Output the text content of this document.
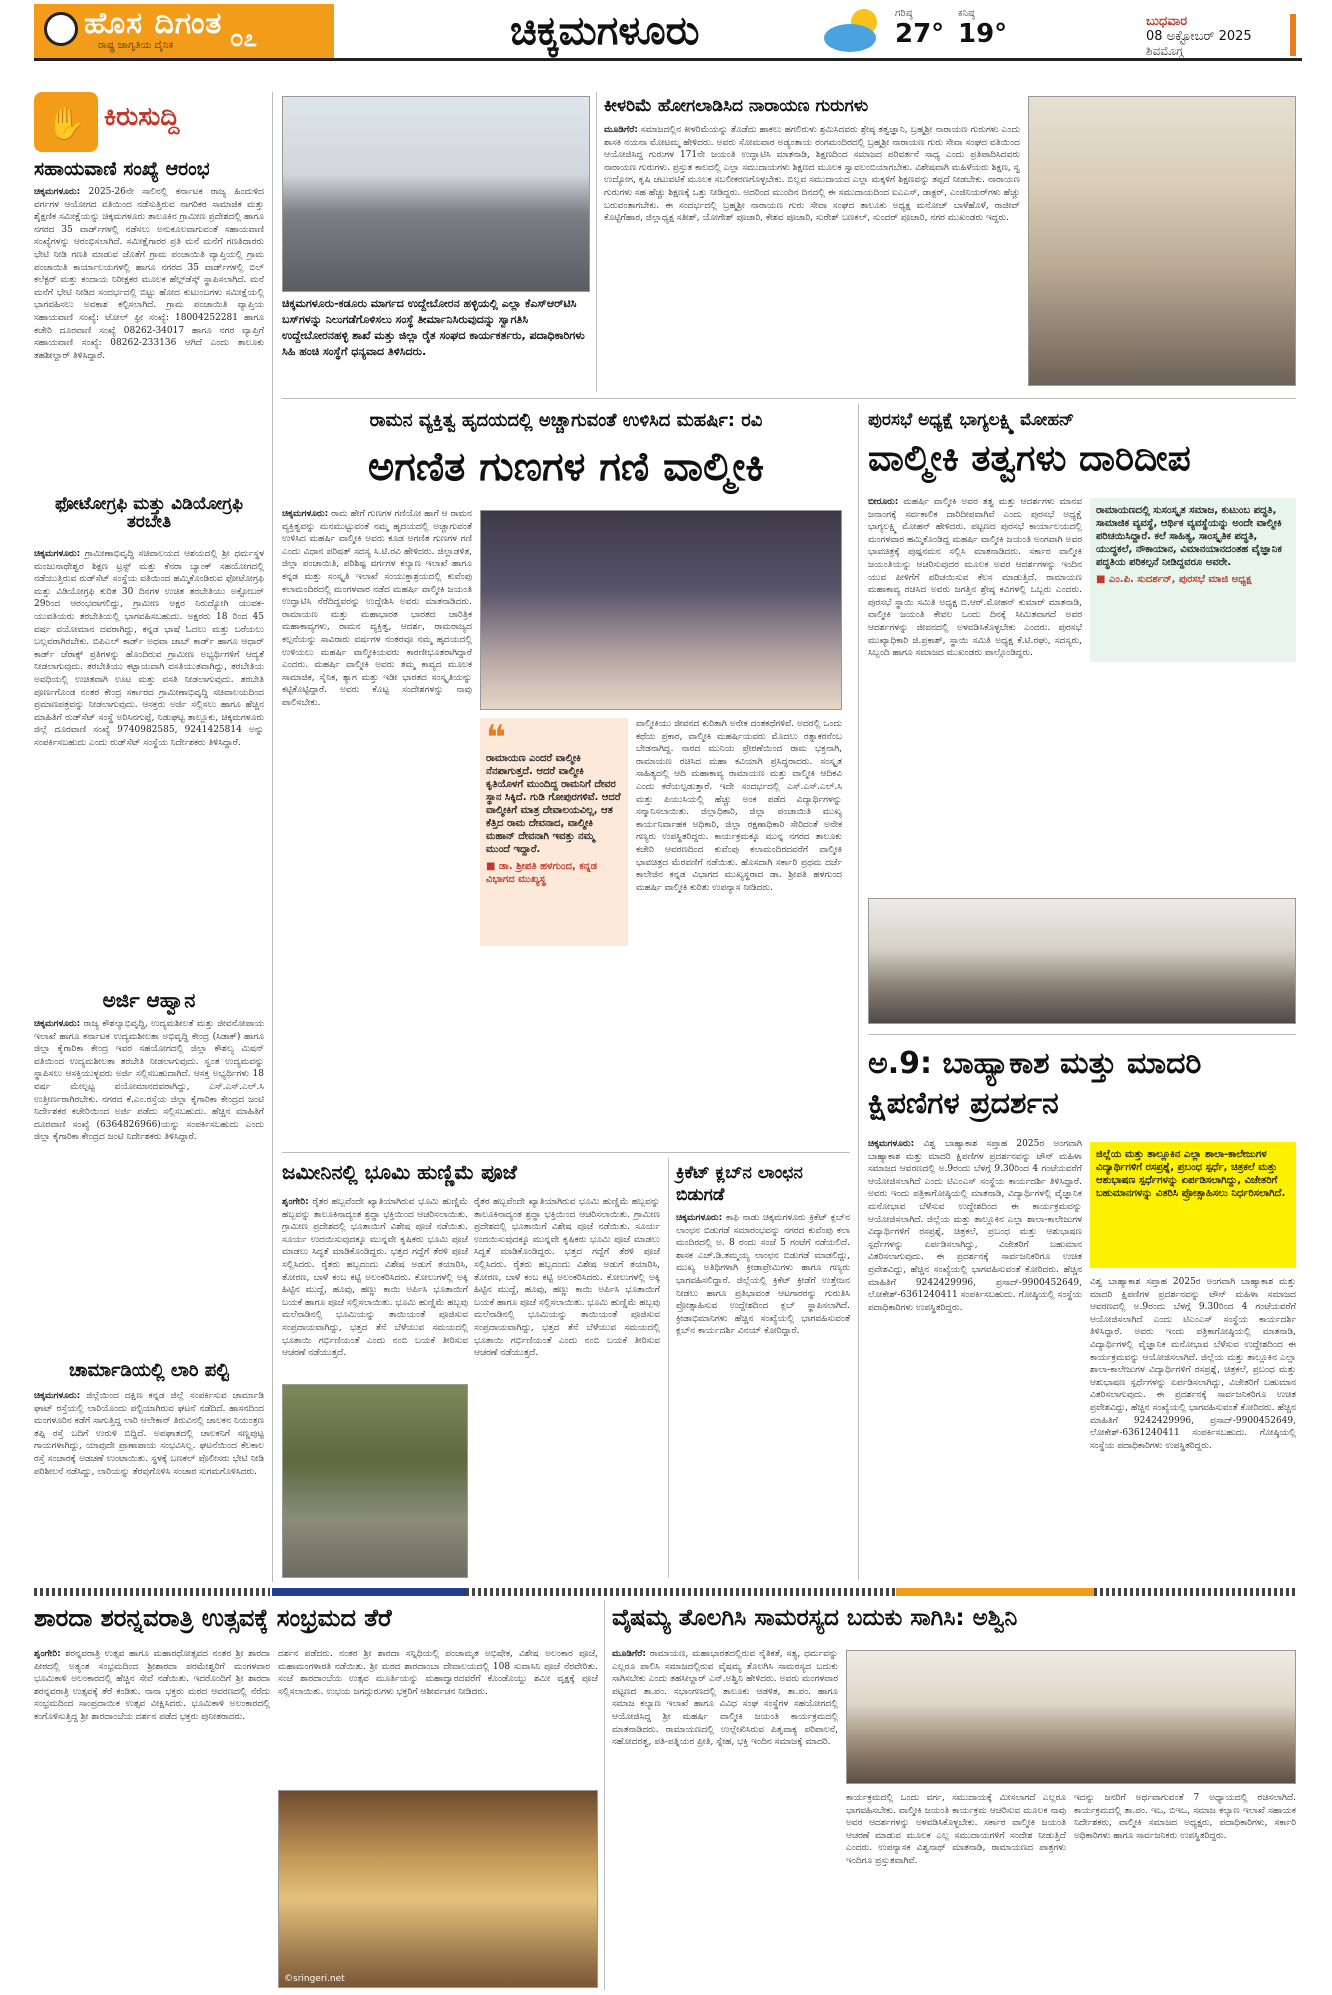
ಹೊಸ ದಿಗಂತ
ರಾಷ್ಟ್ರ ಜಾಗೃತಿಯ ದೈನಿಕ ೦೭	ಚಿಕ್ಕಮಗಳೂರು	ಗರಿಷ್ಠ
27°
ಕನಿಷ್ಠ
19°	ಬುಧವಾರ
08 ಅಕ್ಟೋಬರ್ 2025
ಶಿವಮೊಗ್ಗ
✋ ಕಿರುಸುದ್ದಿ
ಸಹಾಯವಾಣಿ ಸಂಖ್ಯೆ ಆರಂಭ
ಚಿಕ್ಕಮಗಳೂರು: 2025-26ನೇ ಸಾಲಿನಲ್ಲಿ ಕರ್ನಾಟಕ ರಾಜ್ಯ ಹಿಂದುಳಿದ ವರ್ಗಗಳ ಆಯೋಗದ ವತಿಯಿಂದ ನಡೆಸುತ್ತಿರುವ ನಾಗರಿಕರ ಸಾಮಾಜಿಕ ಮತ್ತು ಶೈಕ್ಷಣಿಕ ಸಮೀಕ್ಷೆಯನ್ನು ಚಿಕ್ಕಮಗಳೂರು ತಾಲೂಕಿನ ಗ್ರಾಮೀಣ ಪ್ರದೇಶದಲ್ಲಿ ಹಾಗೂ ನಗರದ 35 ವಾರ್ಡ್‌ಗಳಲ್ಲಿ ನಡೆಸಲು ಅನುಕೂಲವಾಗುವಂತೆ ಸಹಾಯವಾಣಿ ಸಂಖ್ಯೆಗಳನ್ನು ಆರಂಭಿಸಲಾಗಿದೆ. ಸಮೀಕ್ಷೆಗಾರರ ಪ್ರತಿ ಮನೆ ಮನೆಗೆ ಗಣತಿದಾರರು ಭೇಟಿ ನೀಡಿ ಗಣತಿ ಮಾಡುವ ಜೊತೆಗೆ ಗ್ರಾಮ ಪಂಚಾಯಿತಿ ವ್ಯಾಪ್ತಿಯಲ್ಲಿ ಗ್ರಾಮ ಪಂಚಾಯಿತಿ ಕಾರ್ಯಾಲಯಗಳಲ್ಲಿ ಹಾಗೂ ನಗರದ 35 ವಾರ್ಡ್‌ಗಳಲ್ಲಿ ಬಿಲ್ ಕಲೆಕ್ಟರ್ ಮತ್ತು ಕಂದಾಯ ನಿರೀಕ್ಷಕರ ಮೂಲಕ ಹೆಲ್ಪ್‌ಡೆಸ್ಕ್ ಸ್ಥಾಪಿಸಲಾಗಿದೆ. ಮನೆ ಮನೆಗೆ ಭೇಟಿ ನೀಡಿದ ಸಂದರ್ಭದಲ್ಲಿ ಬಿಟ್ಟು ಹೋದ ಕುಟುಂಬಗಳು ಸಮೀಕ್ಷೆಯಲ್ಲಿ ಭಾಗವಹಿಸಲು ಅವಕಾಶ ಕಲ್ಪಿಸಲಾಗಿದೆ. ಗ್ರಾಮ ಪಂಚಾಯಿತಿ ವ್ಯಾಪ್ತಿಯ ಸಹಾಯವಾಣಿ ಸಂಖ್ಯೆ: ಟೋಲ್ ಫ್ರೀ ಸಂಖ್ಯೆ: 18004252281 ಹಾಗೂ ಕಚೇರಿ ದೂರವಾಣಿ ಸಂಖ್ಯೆ 08262-34017 ಹಾಗೂ ನಗರ ವ್ಯಾಪ್ತಿಗೆ ಸಹಾಯವಾಣಿ ಸಂಖ್ಯೆ: 08262-233136 ಆಗಿದೆ ಎಂದು ತಾಲೂಕು ತಹಶೀಲ್ದಾರ್ ತಿಳಿಸಿದ್ದಾರೆ.
ಫೋಟೋಗ್ರಫಿ ಮತ್ತು ವಿಡಿಯೋಗ್ರಫಿ ತರಬೇತಿ
ಚಿಕ್ಕಮಗಳೂರು: ಗ್ರಾಮೀಣಾಭಿವೃದ್ಧಿ ಸಚಿವಾಲಯದ ಆಶಯದಲ್ಲಿ ಶ್ರೀ ಧರ್ಮಸ್ಥಳ ಮಂಜುನಾಥೇಶ್ವರ ಶಿಕ್ಷಣ ಟ್ರಸ್ಟ್ ಮತ್ತು ಕೆನರಾ ಬ್ಯಾಂಕ್ ಸಹಯೋಗದಲ್ಲಿ ನಡೆಯುತ್ತಿರುವ ರುಡ್‌ಸೆಟ್ ಸಂಸ್ಥೆಯ ವತಿಯಿಂದ ಹಮ್ಮಿಕೊಂಡಿರುವ ಫೋಟೋಗ್ರಫಿ ಮತ್ತು ವಿಡಿಯೋಗ್ರಫಿ ಕುರಿತ 30 ದಿನಗಳ ಉಚಿತ ತರಬೇತಿಯು ಅಕ್ಟೋಬರ್ 29ರಿಂದ ಆರಂಭವಾಗಲಿದ್ದು, ಗ್ರಾಮೀಣ ಅಕ್ಷರ ನಿರುದ್ಯೋಗಿ ಯುವಕ-ಯುವತಿಯರು ತರಬೇತಿಯಲ್ಲಿ ಭಾಗವಹಿಸಬಹುದು. ಅಕ್ಷರರು 18 ರಿಂದ 45 ವರ್ಷ ವಯೋಮಾನ ದವರಾಗಿದ್ದು, ಕನ್ನಡ ಭಾಷೆ ಓದಲು ಮತ್ತು ಬರೆಯಲು ಬಲ್ಲವರಾಗಿರಬೇಕು. ಬಿಪಿಎಲ್ ಕಾರ್ಡ್ ಅಥವಾ ಜಾಬ್ ಕಾರ್ಡ್ ಹಾಗೂ ಆಧಾರ್ ಕಾರ್ಡ್ ಜೆರಾಕ್ಸ್ ಪ್ರತಿಗಳನ್ನು ಹೊಂದಿರುವ ಗ್ರಾಮೀಣ ಅಭ್ಯರ್ಥಿಗಳಿಗೆ ಆದ್ಯತೆ ನೀಡಲಾಗುವುದು. ತರಬೇತಿಯು ಕಟ್ಟಾಯವಾಗಿ ವಸತಿಯುತವಾಗಿದ್ದು, ತರಬೇತಿಯ ಅವಧಿಯಲ್ಲಿ ಉಚಿತವಾಗಿ ಊಟ ಮತ್ತು ವಸತಿ ನೀಡಲಾಗುವುದು. ತರಬೇತಿ ಪೂರ್ಣಗೊಂಡ ನಂತರ ಕೇಂದ್ರ ಸರ್ಕಾರದ ಗ್ರಾಮೀಣಾಭಿವೃದ್ಧಿ ಸಚಿವಾಲಯದಿಂದ ಪ್ರಮಾಣಪತ್ರವನ್ನು ನೀಡಲಾಗುವುದು. ಆಸಕ್ತರು ಅರ್ಜಿ ಸಲ್ಲಿಸಲು ಹಾಗೂ ಹೆಚ್ಚಿನ ಮಾಹಿತಿಗೆ ರುಡ್‌ಸೆಟ್ ಸಂಸ್ಥೆ ಅರಿಸಿನಗುಪ್ಪೆ, ನಿಡುಘಟ್ಟ ತಾಲ್ಲೂಕು, ಚಿಕ್ಕಮಗಳೂರು ಜಿಲ್ಲೆ ದೂರವಾಣಿ ಸಂಖ್ಯೆ 9740982585, 9241425814 ಅನ್ನು ಸಂಪರ್ಕಿಸಬಹುದು ಎಂದು ರುಡ್‌ಸೆಟ್ ಸಂಸ್ಥೆಯ ನಿರ್ದೇಶಕರು ತಿಳಿಸಿದ್ದಾರೆ.
ಅರ್ಜಿ ಆಹ್ವಾನ
ಚಿಕ್ಕಮಗಳೂರು: ರಾಜ್ಯ ಕೌಶಲ್ಯಾಭಿವೃದ್ಧಿ, ಉದ್ಯಮಶೀಲತೆ ಮತ್ತು ಜೀವನೋಪಾಯ ಇಲಾಖೆ ಹಾಗೂ ಕರ್ನಾಟಕ ಉದ್ಯಮಶೀಲತಾ ಅಭಿವೃದ್ಧಿ ಕೇಂದ್ರ (ಸಿಡಾಕ್) ಹಾಗೂ ಜಿಲ್ಲಾ ಕೈಗಾರಿಕಾ ಕೇಂದ್ರ ಇವರ ಸಹಯೋಗದಲ್ಲಿ ಜಿಲ್ಲಾ ಕೌಶಲ್ಯ ಮಿಷನ್ ವತಿಯಿಂದ ಉದ್ಯಮಶೀಲತಾ ತರಬೇತಿ ನೀಡಲಾಗುವುದು. ಸ್ವಂತ ಉದ್ಯಮವನ್ನು ಸ್ಥಾಪಿಸಲು ಆಸಕ್ತಿಯುಳ್ಳವರು ಅರ್ಜಿ ಸಲ್ಲಿಸಬಹುದಾಗಿದೆ. ಆಸಕ್ತ ಅಭ್ಯರ್ಥಿಗಳು 18 ವರ್ಷ ಮೇಲ್ಪಟ್ಟ ವಯೋಮಾನದವರಾಗಿದ್ದು, ಎಸ್.ಎಸ್.ಎಲ್.ಸಿ ಉತ್ತೀರ್ಣರಾಗಿರಬೇಕು. ನಗರದ ಕೆ.ಎಂ.ರಸ್ತೆಯ ಜಿಲ್ಲಾ ಕೈಗಾರಿಕಾ ಕೇಂದ್ರದ ಜಂಟಿ ನಿರ್ದೇಶಕರ ಕಚೇರಿಯಿಂದ ಅರ್ಜಿ ಪಡೆದು ಸಲ್ಲಿಸಬಹುದು. ಹೆಚ್ಚಿನ ಮಾಹಿತಿಗೆ ದೂರವಾಣಿ ಸಂಖ್ಯೆ (6364826966)ಯನ್ನು ಸಂಪರ್ಕಿಸಬಹುದು ಎಂದು ಜಿಲ್ಲಾ ಕೈಗಾರಿಕಾ ಕೇಂದ್ರದ ಜಂಟಿ ನಿರ್ದೇಶಕರು ತಿಳಿಸಿದ್ದಾರೆ.
ಚಾರ್ಮಾಡಿಯಲ್ಲಿ ಲಾರಿ ಪಲ್ಟಿ
ಚಿಕ್ಕಮಗಳೂರು: ಜಿಲ್ಲೆಯಿಂದ ದಕ್ಷಿಣ ಕನ್ನಡ ಜಿಲ್ಲೆ ಸಂಪರ್ಕಿಸುವ ಚಾರ್ಮಾಡಿ ಘಾಟ್ ರಸ್ತೆಯಲ್ಲಿ ಲಾರಿಯೊಂದು ಪಲ್ಟಿಯಾಗಿರುವ ಘಟನೆ ನಡೆದಿದೆ. ಹಾಸನದಿಂದ ಮಂಗಳೂರಿನ ಕಡೆಗೆ ಸಾಗುತ್ತಿದ್ದ ಲಾರಿ ಆಲೇಕಾನ್ ತಿರುವಿನಲ್ಲಿ ಚಾಲಕನ ನಿಯಂತ್ರಣ ತಪ್ಪಿ ರಸ್ತೆ ಬದಿಗೆ ಉರುಳಿ ಬಿದ್ದಿದೆ. ಅಪಘಾತದಲ್ಲಿ ಚಾಲಕನಿಗೆ ಸಣ್ಣಪುಟ್ಟ ಗಾಯಗಳಾಗಿದ್ದು, ಯಾವುದೇ ಪ್ರಾಣಾಪಾಯ ಸಂಭವಿಸಿಲ್ಲ. ಘಟನೆಯಿಂದ ಕೆಲಕಾಲ ರಸ್ತೆ ಸಂಚಾರಕ್ಕೆ ಅಡಚಣೆ ಉಂಟಾಯಿತು. ಸ್ಥಳಕ್ಕೆ ಬಣಕಲ್ ಪೊಲೀಸರು ಭೇಟಿ ನೀಡಿ ಪರಿಶೀಲನೆ ನಡೆಸಿದ್ದು, ಲಾರಿಯನ್ನು ತೆರವುಗೊಳಿಸಿ ಸಂಚಾರ ಸುಗಮಗೊಳಿಸಿದರು.
ಚಿಕ್ಕಮಗಳೂರು-ಕಡೂರು ಮಾರ್ಗದ ಉದ್ದೇಬೋರನ ಹಳ್ಳಿಯಲ್ಲಿ ಎಲ್ಲಾ ಕೆಎಸ್ಆರ್‌ಟಿಸಿ ಬಸ್‌ಗಳನ್ನು ನಿಲುಗಡೆಗೊಳಿಸಲು ಸಂಸ್ಥೆ ತೀರ್ಮಾನಿಸಿರುವುದನ್ನು ಸ್ವಾಗತಿಸಿ ಉದ್ದೇಬೋರನಹಳ್ಳಿ ಶಾಖೆ ಮತ್ತು ಜಿಲ್ಲಾ ರೈತ ಸಂಘದ ಕಾರ್ಯಕರ್ತರು, ಪದಾಧಿಕಾರಿಗಳು ಸಿಹಿ ಹಂಚಿ ಸಂಸ್ಥೆಗೆ ಧನ್ಯವಾದ ತಿಳಿಸಿದರು.
ಕೀಳರಿಮೆ ಹೋಗಲಾಡಿಸಿದ ನಾರಾಯಣ ಗುರುಗಳು
ಮೂಡಿಗೆರೆ: ಸಮಾಜದಲ್ಲಿನ ಕೀಳರಿಮೆಯನ್ನು ತೊಡೆದು ಹಾಕಲು ಹಗಲಿರುಳು ಶ್ರಮಿಸಿದವರು ಶ್ರೇಷ್ಠ ತತ್ವಜ್ಞಾನಿ, ಬ್ರಹ್ಮಶ್ರೀ ನಾರಾಯಣ ಗುರುಗಳು ಎಂದು ಶಾಸಕಿ ನಯನಾ ಮೋಟಮ್ಮ ಹೇಳಿದರು. ಅವರು ಸೋಮವಾರ ಅಡ್ಯಂತಾಯ ರಂಗಮಂದಿರದಲ್ಲಿ ಬ್ರಹ್ಮಶ್ರೀ ನಾರಾಯಣ ಗುರು ಸೇವಾ ಸಂಘದ ವತಿಯಿಂದ ಆಯೋಜಿಸಿದ್ದ ಗುರುಗಳ 171ನೇ ಜಯಂತಿ ಉದ್ಘಾಟಿಸಿ ಮಾತನಾಡಿ, ಶಿಕ್ಷಣದಿಂದ ಸಮಾಜದ ಪರಿವರ್ತನೆ ಸಾಧ್ಯ ಎಂದು ಪ್ರತಿಪಾದಿಸಿದವರು ನಾರಾಯಣ ಗುರುಗಳು. ಪ್ರಸ್ತುತ ಕಾಲದಲ್ಲಿ ಎಲ್ಲಾ ಸಮುದಾಯಗಳು ಶಿಕ್ಷಣದ ಮೂಲಕ ಸ್ವಾವಲಂಬಿಯಾಗಬೇಕು. ವಿಶೇಷವಾಗಿ ಮಹಿಳೆಯರು ಶಿಕ್ಷಣ, ಸ್ವ ಉದ್ಯೋಗ, ಕೃಷಿ ಚಟುವಟಿಕೆ ಮೂಲಕ ಸಬಲೀಕರಣಗೊಳ್ಳಬೇಕು. ಬಿಲ್ಲವ ಸಮುದಾಯದ ಎಲ್ಲಾ ಮಕ್ಕಳಿಗೆ ಶಿಕ್ಷಣವನ್ನು ತಪ್ಪದೆ ನೀಡಬೇಕು. ನಾರಾಯಣ ಗುರುಗಳು ಸಹ ಹೆಚ್ಚು ಶಿಕ್ಷಣಕ್ಕೆ ಒತ್ತು ನೀಡಿದ್ದರು. ಅದರಿಂದ ಮುಂದಿನ ದಿನದಲ್ಲಿ ಈ ಸಮುದಾಯದಿಂದ ಐಎಎಸ್, ಡಾಕ್ಟರ್, ಎಂಜಿನಿಯರ್‌ಗಳು ಹೆಚ್ಚು ಬರುವಂತಾಗಬೇಕು. ಈ ಸಂದರ್ಭದಲ್ಲಿ ಬ್ರಹ್ಮಶ್ರೀ ನಾರಾಯಣ ಗುರು ಸೇವಾ ಸಂಘದ ತಾಲೂಕು ಅಧ್ಯಕ್ಷ ಮನೋಜ್ ಬಾಳೆಹೊಳೆ, ರಾಜೀವ್ ಕೊಟ್ಟಿಗೆಹಾರ, ಜಿಲ್ಲಾಧ್ಯಕ್ಷ ಸತೀಶ್, ಯೋಗೇಶ್ ಪೂಜಾರಿ, ಕೇಶವ ಪೂಜಾರಿ, ಸುರೇಶ್ ಬಣಕಲ್, ಸುಂದರ್ ಪೂಜಾರಿ, ನಗರ ಮುಖಂಡರು ಇದ್ದರು.
ರಾಮನ ವ್ಯಕ್ತಿತ್ವ ಹೃದಯದಲ್ಲಿ ಅಚ್ಚಾಗುವಂತೆ ಉಳಿಸಿದ ಮಹರ್ಷಿ: ರವಿ
ಅಗಣಿತ ಗುಣಗಳ ಗಣಿ ವಾಲ್ಮೀಕಿ
ಚಿಕ್ಕಮಗಳೂರು: ರಾಮ ಹೇಗೆ ಗುಣಗಳ ಗಣಿಯೋ ಹಾಗೆ ಆ ರಾಮನ ವ್ಯಕ್ತಿತ್ವವನ್ನು ಮನಮುಟ್ಟುವಂತೆ ನಮ್ಮ ಹೃದಯದಲ್ಲಿ ಅಚ್ಚಾಗುವಂತೆ ಉಳಿಸಿದ ಮಹರ್ಷಿ ವಾಲ್ಮೀಕಿ ಅವರು ಕೂಡ ಅಗಣಿತ ಗುಣಗಳ ಗಣಿ ಎಂದು ವಿಧಾನ ಪರಿಷತ್ ಸದಸ್ಯ ಸಿ.ಟಿ.ರವಿ ಹೇಳಿದರು. ಜಿಲ್ಲಾಡಳಿತ, ಜಿಲ್ಲಾ ಪಂಚಾಯಿತಿ, ಪರಿಶಿಷ್ಟ ವರ್ಗಗಳ ಕಲ್ಯಾಣ ಇಲಾಖೆ ಹಾಗೂ ಕನ್ನಡ ಮತ್ತು ಸಂಸ್ಕೃತಿ ಇಲಾಖೆ ಸಂಯುಕ್ತಾಶ್ರಯದಲ್ಲಿ ಕುವೆಂಪು ಕಲಾಮಂದಿರದಲ್ಲಿ ಮಂಗಳವಾರ ನಡೆದ ಮಹರ್ಷಿ ವಾಲ್ಮೀಕಿ ಜಯಂತಿ ಉದ್ಘಾಟಿಸಿ ನೆರೆದಿದ್ದವರನ್ನು ಉದ್ದೇಶಿಸಿ ಅವರು ಮಾತನಾಡಿದರು. ರಾಮಾಯಣ ಮತ್ತು ಮಹಾಭಾರತ ಭಾರತದ ಚಾರಿತ್ರಿಕ ಮಹಾಕಾವ್ಯಗಳು, ರಾಮನ ವ್ಯಕ್ತಿತ್ವ, ಆದರ್ಶ, ರಾಮರಾಜ್ಯದ ಕಲ್ಪನೆಯನ್ನು ಸಾವಿರಾರು ವರ್ಷಗಳ ನಂತರವೂ ನಮ್ಮ ಹೃದಯದಲ್ಲಿ ಉಳಿಯಲು ಮಹರ್ಷಿ ವಾಲ್ಮೀಕಿಯವರು ಕಾರಣೀಭೂತರಾಗಿದ್ದಾರೆ ಎಂದರು. ಮಹರ್ಷಿ ವಾಲ್ಮೀಕಿ ಅವರು ತಮ್ಮ ಕಾವ್ಯದ ಮೂಲಕ ಸಾಮಾಜಿಕ, ಸೈನಿಕ, ತ್ಯಾಗ ಮತ್ತು ಇಡೀ ಭಾರತದ ಸಂಸ್ಕೃತಿಯನ್ನು ಕಟ್ಟಿಕೊಟ್ಟಿದ್ದಾರೆ. ಅವರು ಕೊಟ್ಟ ಸಂದೇಶಗಳನ್ನು ನಾವು ಪಾಲಿಸಬೇಕು.
❝
ರಾಮಾಯಣ ಎಂದರೆ ವಾಲ್ಮೀಕಿ ನೆನಪಾಗುತ್ತದೆ. ಆದರೆ ವಾಲ್ಮೀಕಿ ಕೃತಿಯೊಳಗೆ ಮುಂದಿದ್ದ ರಾಮನಿಗೆ ದೇವರ ಸ್ಥಾನ ಸಿಕ್ಕಿದೆ. ಗುಡಿ ಗೋಪುರಗಳಿವೆ. ಆದರೆ ವಾಲ್ಮೀಕಿಗೆ ಮಾತ್ರ ದೇವಾಲಯವಿಲ್ಲ, ಆತ ಕೆತ್ತಿದ ರಾಮ ದೇವನಾದ, ವಾಲ್ಮೀಕಿ ಮಹಾನ್ ದೇವನಾಗಿ ಇವತ್ತು ನಮ್ಮ ಮುಂದೆ ಇದ್ದಾರೆ.
■ ಡಾ. ಶ್ರೀಪತಿ ಹಳಗುಂದ, ಕನ್ನಡ ವಿಭಾಗದ ಮುಖ್ಯಸ್ಥ
ವಾಲ್ಮೀಕಿಯು ಜೀವನದ ಕುರಿತಾಗಿ ಅನೇಕ ದಂತಕಥೆಗಳಿವೆ. ಅದರಲ್ಲಿ ಒಂದು ಕಥೆಯ ಪ್ರಕಾರ, ವಾಲ್ಮೀಕಿ ಮಹರ್ಷಿಯವರು ಮೊದಲು ರತ್ನಾಕರನೆಂಬ ಬೇಡನಾಗಿದ್ದ. ನಾರದ ಮುನಿಯ ಪ್ರೇರಣೆಯಿಂದ ರಾಮ ಭಕ್ತನಾಗಿ, ರಾಮಾಯಣ ರಚಿಸಿದ ಮಹಾ ಕವಿಯಾಗಿ ಪ್ರಸಿದ್ಧರಾದರು. ಸಂಸ್ಕೃತ ಸಾಹಿತ್ಯದಲ್ಲಿ ಆದಿ ಮಹಾಕಾವ್ಯ ರಾಮಾಯಣ ಮತ್ತು ವಾಲ್ಮೀಕಿ ಆದಿಕವಿ ಎಂದು ಕರೆಯಲ್ಪಡುತ್ತಾರೆ. ಇದೇ ಸಂದರ್ಭದಲ್ಲಿ ಎಸ್.ಎಸ್.ಎಲ್.ಸಿ ಮತ್ತು ಪಿಯುಸಿಯಲ್ಲಿ ಹೆಚ್ಚು ಅಂಕ ಪಡೆದ ವಿದ್ಯಾರ್ಥಿಗಳನ್ನು ಸನ್ಮಾನಿಸಲಾಯಿತು. ಜಿಲ್ಲಾಧಿಕಾರಿ, ಜಿಲ್ಲಾ ಪಂಚಾಯಿತಿ ಮುಖ್ಯ ಕಾರ್ಯನಿರ್ವಾಹಕ ಅಧಿಕಾರಿ, ಜಿಲ್ಲಾ ರಕ್ಷಣಾಧಿಕಾರಿ ಸೇರಿದಂತೆ ಅನೇಕ ಗಣ್ಯರು ಉಪಸ್ಥಿತರಿದ್ದರು. ಕಾರ್ಯಕ್ರಮಕ್ಕೂ ಮುನ್ನ ನಗರದ ತಾಲೂಕು ಕಚೇರಿ ಆವರಣದಿಂದ ಕುವೆಂಪು ಕಲಾಮಂದಿರದವರೆಗೆ ವಾಲ್ಮೀಕಿ ಭಾವಚಿತ್ರದ ಮೆರವಣಿಗೆ ನಡೆಯಿತು. ಹೊಸದಾಗಿ ಸರ್ಕಾರಿ ಪ್ರಥಮ ದರ್ಜೆ ಕಾಲೇಜಿನ ಕನ್ನಡ ವಿಭಾಗದ ಮುಖ್ಯಸ್ಥರಾದ ಡಾ. ಶ್ರೀಪತಿ ಹಳಗುಂದ ಮಹರ್ಷಿ ವಾಲ್ಮೀಕಿ ಕುರಿತು ಉಪನ್ಯಾಸ ನೀಡಿದರು.
ಪುರಸಭೆ ಅಧ್ಯಕ್ಷೆ ಭಾಗ್ಯಲಕ್ಷ್ಮಿ ಮೋಹನ್
ವಾಲ್ಮೀಕಿ ತತ್ವಗಳು ದಾರಿದೀಪ
ಬೀರೂರು: ಮಹರ್ಷಿ ವಾಲ್ಮೀಕಿ ಅವರ ತತ್ವ ಮತ್ತು ಆದರ್ಶಗಳು ಮಾನವ ಜನಾಂಗಕ್ಕೆ ಸರ್ವಕಾಲಿಕ ದಾರಿದೀಪವಾಗಿವೆ ಎಂದು ಪುರಸಭೆ ಅಧ್ಯಕ್ಷೆ ಭಾಗ್ಯಲಕ್ಷ್ಮಿ ಮೋಹನ್ ಹೇಳಿದರು. ಪಟ್ಟಣದ ಪುರಸಭೆ ಕಾರ್ಯಾಲಯದಲ್ಲಿ ಮಂಗಳವಾರ ಹಮ್ಮಿಕೊಂಡಿದ್ದ ಮಹರ್ಷಿ ವಾಲ್ಮೀಕಿ ಜಯಂತಿ ಅಂಗವಾಗಿ ಅವರ ಭಾವಚಿತ್ರಕ್ಕೆ ಪುಷ್ಪನಮನ ಸಲ್ಲಿಸಿ ಮಾತನಾಡಿದರು. ಸರ್ಕಾರ ವಾಲ್ಮೀಕಿ ಜಯಂತಿಯನ್ನು ಆಚರಿಸುವುದರ ಮೂಲಕ ಅವರ ಆದರ್ಶಗಳನ್ನು ಇಂದಿನ ಯುವ ಪೀಳಿಗೆಗೆ ಪರಿಚಯಿಸುವ ಕೆಲಸ ಮಾಡುತ್ತಿದೆ. ರಾಮಾಯಣ ಮಹಾಕಾವ್ಯ ರಚಿಸಿದ ಅವರು ಜಗತ್ತಿನ ಶ್ರೇಷ್ಠ ಕವಿಗಳಲ್ಲಿ ಒಬ್ಬರು ಎಂದರು. ಪುರಸಭೆ ಸ್ಥಾಯಿ ಸಮಿತಿ ಅಧ್ಯಕ್ಷ ಬಿ.ಆರ್.ಮೋಹನ್ ಕುಮಾರ್ ಮಾತನಾಡಿ, ವಾಲ್ಮೀಕಿ ಜಯಂತಿ ಕೇವಲ ಒಂದು ದಿನಕ್ಕೆ ಸೀಮಿತವಾಗದೆ ಅವರ ಆದರ್ಶಗಳನ್ನು ಜೀವನದಲ್ಲಿ ಅಳವಡಿಸಿಕೊಳ್ಳಬೇಕು ಎಂದರು. ಪುರಸಭೆ ಮುಖ್ಯಾಧಿಕಾರಿ ಜಿ.ಪ್ರಕಾಶ್, ಸ್ಥಾಯಿ ಸಮಿತಿ ಅಧ್ಯಕ್ಷ ಕೆ.ಟಿ.ರಘು, ಸದಸ್ಯರು, ಸಿಬ್ಬಂದಿ ಹಾಗೂ ಸಮಾಜದ ಮುಖಂಡರು ಪಾಲ್ಗೊಂಡಿದ್ದರು.
ರಾಮಾಯಣದಲ್ಲಿ ಸುಸಂಸ್ಕೃತ ಸಮಾಜ, ಕುಟುಂಬ ಪದ್ಧತಿ, ಸಾಮಾಜಿಕ ವ್ಯವಸ್ಥೆ, ಆರ್ಥಿಕ ವ್ಯವಸ್ಥೆಯನ್ನು ಅಂದೇ ವಾಲ್ಮೀಕಿ ಪರಿಚಯಿಸಿದ್ದಾರೆ. ಕಲೆ ಸಾಹಿತ್ಯ, ಸಾಂಸ್ಕೃತಿಕ ಪದ್ಧತಿ, ಯುದ್ಧಕಲೆ, ನೌಕಾಯಾನ, ವಿಮಾನಯಾನದಂತಹ ವೈಜ್ಞಾನಿಕ ಪದ್ಧತಿಯ ಪರಿಕಲ್ಪನೆ ನೀಡಿದ್ದವರೂ ಅವರೇ.
■ ಎಂ.ಪಿ. ಸುದರ್ಶನ್, ಪುರಸಭೆ ಮಾಜಿ ಅಧ್ಯಕ್ಷ
ಅ.9: ಬಾಹ್ಯಾಕಾಶ ಮತ್ತು ಮಾದರಿ ಕ್ಷಿಪಣಿಗಳ ಪ್ರದರ್ಶನ
ಚಿಕ್ಕಮಗಳೂರು: ವಿಶ್ವ ಬಾಹ್ಯಾಕಾಶ ಸಪ್ತಾಹ 2025ರ ಅಂಗವಾಗಿ ಬಾಹ್ಯಾಕಾಶ ಮತ್ತು ಮಾದರಿ ಕ್ಷಿಪಣಿಗಳ ಪ್ರದರ್ಶನವನ್ನು ಟೌನ್ ಮಹಿಳಾ ಸಮಾಜದ ಆವರಣದಲ್ಲಿ ಅ.9ರಂದು ಬೆಳಗ್ಗೆ 9.30ರಿಂದ 4 ಗಂಟೆಯವರೆಗೆ ಆಯೋಜಿಸಲಾಗಿದೆ ಎಂದು ಟಿಎಂಎಸ್ ಸಂಸ್ಥೆಯ ಕಾರ್ಯದರ್ಶಿ ತಿಳಿಸಿದ್ದಾರೆ. ಅವರು ಇಂದು ಪತ್ರಿಕಾಗೋಷ್ಠಿಯಲ್ಲಿ ಮಾತನಾಡಿ, ವಿದ್ಯಾರ್ಥಿಗಳಲ್ಲಿ ವೈಜ್ಞಾನಿಕ ಮನೋಭಾವ ಬೆಳೆಸುವ ಉದ್ದೇಶದಿಂದ ಈ ಕಾರ್ಯಕ್ರಮವನ್ನು ಆಯೋಜಿಸಲಾಗಿದೆ. ಜಿಲ್ಲೆಯ ಮತ್ತು ತಾಲ್ಲೂಕಿನ ಎಲ್ಲಾ ಶಾಲಾ-ಕಾಲೇಜುಗಳ ವಿದ್ಯಾರ್ಥಿಗಳಿಗೆ ರಸಪ್ರಶ್ನೆ, ಚಿತ್ರಕಲೆ, ಪ್ರಬಂಧ ಮತ್ತು ಆಶುಭಾಷಣ ಸ್ಪರ್ಧೆಗಳನ್ನು ಏರ್ಪಡಿಸಲಾಗಿದ್ದು, ವಿಜೇತರಿಗೆ ಬಹುಮಾನ ವಿತರಿಸಲಾಗುವುದು. ಈ ಪ್ರದರ್ಶನಕ್ಕೆ ಸಾರ್ವಜನಿಕರಿಗೂ ಉಚಿತ ಪ್ರವೇಶವಿದ್ದು, ಹೆಚ್ಚಿನ ಸಂಖ್ಯೆಯಲ್ಲಿ ಭಾಗವಹಿಸುವಂತೆ ಕೋರಿದರು. ಹೆಚ್ಚಿನ ಮಾಹಿತಿಗೆ 9242429996, ಪ್ರಸಾದ್-9900452649, ಲೋಕೇಶ್-6361240411 ಸಂಪರ್ಕಿಸಬಹುದು. ಗೋಷ್ಠಿಯಲ್ಲಿ ಸಂಸ್ಥೆಯ ಪದಾಧಿಕಾರಿಗಳು ಉಪಸ್ಥಿತರಿದ್ದರು.
ಜಿಲ್ಲೆಯ ಮತ್ತು ತಾಲ್ಲೂಕಿನ ಎಲ್ಲಾ ಶಾಲಾ-ಕಾಲೇಜುಗಳ ವಿದ್ಯಾರ್ಥಿಗಳಿಗೆ ರಸಪ್ರಶ್ನೆ, ಪ್ರಬಂಧ ಸ್ಪರ್ಧೆ, ಚಿತ್ರಕಲೆ ಮತ್ತು ಆಶುಭಾಷಣ ಸ್ಪರ್ಧೆಗಳನ್ನು ಏರ್ಪಡಿಸಲಾಗಿದ್ದು, ವಿಜೇತರಿಗೆ ಬಹುಮಾನಗಳನ್ನು ವಿತರಿಸಿ ಪ್ರೋತ್ಸಾಹಿಸಲು ನಿರ್ಧರಿಸಲಾಗಿದೆ.
ವಿಶ್ವ ಬಾಹ್ಯಾಕಾಶ ಸಪ್ತಾಹ 2025ರ ಅಂಗವಾಗಿ ಬಾಹ್ಯಾಕಾಶ ಮತ್ತು ಮಾದರಿ ಕ್ಷಿಪಣಿಗಳ ಪ್ರದರ್ಶನವನ್ನು ಟೌನ್ ಮಹಿಳಾ ಸಮಾಜದ ಆವರಣದಲ್ಲಿ ಅ.9ರಂದು ಬೆಳಗ್ಗೆ 9.30ರಿಂದ 4 ಗಂಟೆಯವರೆಗೆ ಆಯೋಜಿಸಲಾಗಿದೆ ಎಂದು ಟಿಎಂಎಸ್ ಸಂಸ್ಥೆಯ ಕಾರ್ಯದರ್ಶಿ ತಿಳಿಸಿದ್ದಾರೆ. ಅವರು ಇಂದು ಪತ್ರಿಕಾಗೋಷ್ಠಿಯಲ್ಲಿ ಮಾತನಾಡಿ, ವಿದ್ಯಾರ್ಥಿಗಳಲ್ಲಿ ವೈಜ್ಞಾನಿಕ ಮನೋಭಾವ ಬೆಳೆಸುವ ಉದ್ದೇಶದಿಂದ ಈ ಕಾರ್ಯಕ್ರಮವನ್ನು ಆಯೋಜಿಸಲಾಗಿದೆ. ಜಿಲ್ಲೆಯ ಮತ್ತು ತಾಲ್ಲೂಕಿನ ಎಲ್ಲಾ ಶಾಲಾ-ಕಾಲೇಜುಗಳ ವಿದ್ಯಾರ್ಥಿಗಳಿಗೆ ರಸಪ್ರಶ್ನೆ, ಚಿತ್ರಕಲೆ, ಪ್ರಬಂಧ ಮತ್ತು ಆಶುಭಾಷಣ ಸ್ಪರ್ಧೆಗಳನ್ನು ಏರ್ಪಡಿಸಲಾಗಿದ್ದು, ವಿಜೇತರಿಗೆ ಬಹುಮಾನ ವಿತರಿಸಲಾಗುವುದು. ಈ ಪ್ರದರ್ಶನಕ್ಕೆ ಸಾರ್ವಜನಿಕರಿಗೂ ಉಚಿತ ಪ್ರವೇಶವಿದ್ದು, ಹೆಚ್ಚಿನ ಸಂಖ್ಯೆಯಲ್ಲಿ ಭಾಗವಹಿಸುವಂತೆ ಕೋರಿದರು. ಹೆಚ್ಚಿನ ಮಾಹಿತಿಗೆ 9242429996, ಪ್ರಸಾದ್-9900452649, ಲೋಕೇಶ್-6361240411 ಸಂಪರ್ಕಿಸಬಹುದು. ಗೋಷ್ಠಿಯಲ್ಲಿ ಸಂಸ್ಥೆಯ ಪದಾಧಿಕಾರಿಗಳು ಉಪಸ್ಥಿತರಿದ್ದರು.
ಜಮೀನಿನಲ್ಲಿ ಭೂಮಿ ಹುಣ್ಣಿಮೆ ಪೂಜೆ
ಶೃಂಗೇರಿ: ರೈತರ ಹಬ್ಬವೆಂದೇ ಖ್ಯಾತಿಯಾಗಿರುವ ಭೂಮಿ ಹುಣ್ಣಿಮೆ ಹಬ್ಬವನ್ನು ತಾಲೂಕಿನಾದ್ಯಂತ ಶ್ರದ್ಧಾ ಭಕ್ತಿಯಿಂದ ಆಚರಿಸಲಾಯಿತು. ಗ್ರಾಮೀಣ ಪ್ರದೇಶದಲ್ಲಿ ಭೂತಾಯಿಗೆ ವಿಶೇಷ ಪೂಜೆ ನಡೆಯಿತು. ಸೂರ್ಯ ಉದಯಿಸುವುದಕ್ಕೂ ಮುನ್ನವೇ ಕೃಷಿಕರು ಭೂಮಿ ಪೂಜೆ ಮಾಡಲು ಸಿದ್ಧತೆ ಮಾಡಿಕೊಂಡಿದ್ದರು. ಭತ್ತದ ಗದ್ದೆಗೆ ತೆರಳಿ ಪೂಜೆ ಸಲ್ಲಿಸಿದರು. ರೈತರು ಹಬ್ಬದಂದು ವಿಶೇಷ ಅಡುಗೆ ತಯಾರಿಸಿ, ತೋರಣ, ಬಾಳೆ ಕಂಬ ಕಟ್ಟಿ ಅಲಂಕರಿಸಿದರು. ಕೋಲುಗಳಲ್ಲಿ ಅಕ್ಕಿ ಹಿಟ್ಟಿನ ಮುದ್ದೆ, ಹೂವು, ಹಣ್ಣು ಕಾಯಿ ಅರ್ಪಿಸಿ ಭೂತಾಯಿಗೆ ಬಯಕೆ ಹಾಗೂ ಪೂಜೆ ಸಲ್ಲಿಸಲಾಯಿತು. ಭೂಮಿ ಹುಣ್ಣಿಮೆ ಹಬ್ಬವು ಮಲೆನಾಡಿನಲ್ಲಿ ಭೂಮಿಯನ್ನು ತಾಯಿಯಂತೆ ಪೂಜಿಸುವ ಸಂಪ್ರದಾಯವಾಗಿದ್ದು, ಭತ್ತದ ತೆನೆ ಬೆಳೆಯುವ ಸಮಯದಲ್ಲಿ ಭೂತಾಯಿ ಗರ್ಭಿಣಿಯಂತೆ ಎಂದು ನಂಬಿ ಬಯಕೆ ತೀರಿಸುವ ಆಚರಣೆ ನಡೆಯುತ್ತದೆ.
ರೈತರ ಹಬ್ಬವೆಂದೇ ಖ್ಯಾತಿಯಾಗಿರುವ ಭೂಮಿ ಹುಣ್ಣಿಮೆ ಹಬ್ಬವನ್ನು ತಾಲೂಕಿನಾದ್ಯಂತ ಶ್ರದ್ಧಾ ಭಕ್ತಿಯಿಂದ ಆಚರಿಸಲಾಯಿತು. ಗ್ರಾಮೀಣ ಪ್ರದೇಶದಲ್ಲಿ ಭೂತಾಯಿಗೆ ವಿಶೇಷ ಪೂಜೆ ನಡೆಯಿತು. ಸೂರ್ಯ ಉದಯಿಸುವುದಕ್ಕೂ ಮುನ್ನವೇ ಕೃಷಿಕರು ಭೂಮಿ ಪೂಜೆ ಮಾಡಲು ಸಿದ್ಧತೆ ಮಾಡಿಕೊಂಡಿದ್ದರು. ಭತ್ತದ ಗದ್ದೆಗೆ ತೆರಳಿ ಪೂಜೆ ಸಲ್ಲಿಸಿದರು. ರೈತರು ಹಬ್ಬದಂದು ವಿಶೇಷ ಅಡುಗೆ ತಯಾರಿಸಿ, ತೋರಣ, ಬಾಳೆ ಕಂಬ ಕಟ್ಟಿ ಅಲಂಕರಿಸಿದರು. ಕೋಲುಗಳಲ್ಲಿ ಅಕ್ಕಿ ಹಿಟ್ಟಿನ ಮುದ್ದೆ, ಹೂವು, ಹಣ್ಣು ಕಾಯಿ ಅರ್ಪಿಸಿ ಭೂತಾಯಿಗೆ ಬಯಕೆ ಹಾಗೂ ಪೂಜೆ ಸಲ್ಲಿಸಲಾಯಿತು. ಭೂಮಿ ಹುಣ್ಣಿಮೆ ಹಬ್ಬವು ಮಲೆನಾಡಿನಲ್ಲಿ ಭೂಮಿಯನ್ನು ತಾಯಿಯಂತೆ ಪೂಜಿಸುವ ಸಂಪ್ರದಾಯವಾಗಿದ್ದು, ಭತ್ತದ ತೆನೆ ಬೆಳೆಯುವ ಸಮಯದಲ್ಲಿ ಭೂತಾಯಿ ಗರ್ಭಿಣಿಯಂತೆ ಎಂದು ನಂಬಿ ಬಯಕೆ ತೀರಿಸುವ ಆಚರಣೆ ನಡೆಯುತ್ತದೆ.
ಕ್ರಿಕೆಟ್ ಕ್ಲಬ್‌ನ ಲಾಂಛನ ಬಿಡುಗಡೆ
ಚಿಕ್ಕಮಗಳೂರು: ಕಾಫಿ ನಾಡು ಚಿಕ್ಕಮಗಳೂರು ಕ್ರಿಕೆಟ್ ಕ್ಲಬ್‌ನ ಲಾಂಛನ ಬಿಡುಗಡೆ ಸಮಾರಂಭವನ್ನು ನಗರದ ಕುವೆಂಪು ಕಲಾ ಮಂದಿರದಲ್ಲಿ ಅ. 8 ರಂದು ಸಂಜೆ 5 ಗಂಟೆಗೆ ನಡೆಯಲಿದೆ. ಶಾಸಕ ಎಚ್.ಡಿ.ತಮ್ಮಯ್ಯ ಲಾಂಛನ ಬಿಡುಗಡೆ ಮಾಡಲಿದ್ದು, ಮುಖ್ಯ ಅತಿಥಿಗಳಾಗಿ ಕ್ರೀಡಾಪ್ರೇಮಿಗಳು ಹಾಗೂ ಗಣ್ಯರು ಭಾಗವಹಿಸಲಿದ್ದಾರೆ. ಜಿಲ್ಲೆಯಲ್ಲಿ ಕ್ರಿಕೆಟ್ ಕ್ರೀಡೆಗೆ ಉತ್ತೇಜನ ನೀಡಲು ಹಾಗೂ ಪ್ರತಿಭಾವಂತ ಆಟಗಾರರನ್ನು ಗುರುತಿಸಿ ಪ್ರೋತ್ಸಾಹಿಸುವ ಉದ್ದೇಶದಿಂದ ಕ್ಲಬ್ ಸ್ಥಾಪಿಸಲಾಗಿದೆ. ಕ್ರೀಡಾಭಿಮಾನಿಗಳು ಹೆಚ್ಚಿನ ಸಂಖ್ಯೆಯಲ್ಲಿ ಭಾಗವಹಿಸುವಂತೆ ಕ್ಲಬ್‌ನ ಕಾರ್ಯದರ್ಶಿ ವಿನಯ್ ಕೋರಿದ್ದಾರೆ.
ಶಾರದಾ ಶರನ್ನವರಾತ್ರಿ ಉತ್ಸವಕ್ಕೆ ಸಂಭ್ರಮದ ತೆರೆ
ಶೃಂಗೇರಿ: ಶರನ್ನವರಾತ್ರಿ ಉತ್ಸವ ಹಾಗೂ ಮಹಾರಥೋತ್ಸವದ ನಂತರ ಶ್ರೀ ಶಾರದಾ ಪೀಠದಲ್ಲಿ ಅತ್ಯಂತ ಸಂಭ್ರಮದಿಂದ ಶ್ರೀಶಾರದಾ ಪರಮೇಶ್ವರಿಗೆ ಮಂಗಳವಾರ ಭೂಮಿಕಾಳಿ ಅಲಂಕಾರದಲ್ಲಿ ಹೆಚ್ಚಿನ ಸೇವೆ ನಡೆಯಿತು. ಇದರೊಂದಿಗೆ ಶ್ರೀ ಶಾರದಾ ಶರನ್ನವರಾತ್ರಿ ಉತ್ಸವಕ್ಕೆ ತೆರೆ ಕಂಡಿತು. ನಾನಾ ಭಕ್ತರು ಮಠದ ಆವರಣದಲ್ಲಿ ನೆರೆದು ಸಂಭ್ರಮದಿಂದ ಸಾಂಪ್ರದಾಯಿಕ ಉತ್ಸವ ವೀಕ್ಷಿಸಿದರು. ಭೂಮಿಕಾಳಿ ಅಲಂಕಾರದಲ್ಲಿ ಕಂಗೊಳಿಸುತ್ತಿದ್ದ ಶ್ರೀ ಶಾರದಾಂಬೆಯ ದರ್ಶನ ಪಡೆದ ಭಕ್ತರು ಪುನೀತರಾದರು.
ದರ್ಶನ ಪಡೆದರು. ನಂತರ ಶ್ರೀ ಶಾರದಾ ಸನ್ನಿಧಿಯಲ್ಲಿ ಪಂಚಾಮೃತ ಅಭಿಷೇಕ, ವಿಶೇಷ ಅಲಂಕಾರ ಪೂಜೆ, ಮಹಾಮಂಗಳಾರತಿ ನಡೆಯಿತು. ಶ್ರೀ ಮಠದ ಶಾರದಾಂಬಾ ದೇವಾಲಯದಲ್ಲಿ 108 ಸುವಾಸಿನಿ ಪೂಜೆ ನೆರವೇರಿತು. ಸಂಜೆ ಶಾರದಾಂಬೆಯ ಉತ್ಸವ ಮೂರ್ತಿಯನ್ನು ಮಹಾದ್ವಾರದವರೆಗೆ ಕೊಂಡೊಯ್ದು ಶಮೀ ವೃಕ್ಷಕ್ಕೆ ಪೂಜೆ ಸಲ್ಲಿಸಲಾಯಿತು. ಉಭಯ ಜಗದ್ಗುರುಗಳು ಭಕ್ತರಿಗೆ ಆಶೀರ್ವಚನ ನೀಡಿದರು.
©sringeri.net
ವೈಷಮ್ಯ ತೊಲಗಿಸಿ ಸಾಮರಸ್ಯದ ಬದುಕು ಸಾಗಿಸಿ: ಅಶ್ವಿನಿ
ಮೂಡಿಗೆರೆ: ರಾಮಾಯಣ, ಮಹಾಭಾರತದಲ್ಲಿರುವ ನೈತಿಕತೆ, ಸತ್ಯ, ಧರ್ಮವನ್ನು ಎಲ್ಲರೂ ಪಾಲಿಸಿ ಸಮಾಜದಲ್ಲಿರುವ ವೈಷಮ್ಯ ತೊಲಗಿಸಿ ಸಾಮರಸ್ಯದ ಬದುಕು ಸಾಗಿಸಬೇಕು ಎಂದು ತಹಸೀಲ್ದಾರ್ ಎನ್.ಅಶ್ವಿನಿ ಹೇಳಿದರು. ಅವರು ಮಂಗಳವಾರ ಪಟ್ಟಣದ ತಾ.ಪಂ. ಸಭಾಂಗಣದಲ್ಲಿ ತಾಲೂಕು ಆಡಳಿತ, ತಾ.ಪಂ. ಹಾಗೂ ಸಮಾಜ ಕಲ್ಯಾಣ ಇಲಾಖೆ ಹಾಗೂ ವಿವಿಧ ಸಂಘ ಸಂಸ್ಥೆಗಳ ಸಹಯೋಗದಲ್ಲಿ ಆಯೋಜಿಸಿದ್ದ ಶ್ರೀ ಮಹರ್ಷಿ ವಾಲ್ಮೀಕಿ ಜಯಂತಿ ಕಾರ್ಯಕ್ರಮದಲ್ಲಿ ಮಾತನಾಡಿದರು. ರಾಮಾಯಣದಲ್ಲಿ ಉಲ್ಲೇಖಿಸಿರುವ ಪಿತೃವಾಕ್ಯ ಪರಿಪಾಲನೆ, ಸಹೋದರತ್ವ, ಪತಿ-ಪತ್ನಿಯರ ಪ್ರೀತಿ, ಸ್ನೇಹ, ಭಕ್ತಿ ಇಂದಿನ ಸಮಾಜಕ್ಕೆ ಮಾದರಿ.
ಕಾರ್ಯಕ್ರಮದಲ್ಲಿ ಒಂದು ವರ್ಗ, ಸಮುದಾಯಕ್ಕೆ ಮೀಸಲಾಗದೆ ಎಲ್ಲರೂ ಭಾಗವಹಿಸಬೇಕು. ವಾಲ್ಮೀಕಿ ಜಯಂತಿ ಕಾರ್ಯಕ್ರಮ ಆಚರಿಸುವ ಮೂಲಕ ನಾವು ಅವರ ಆದರ್ಶಗಳನ್ನು ಅಳವಡಿಸಿಕೊಳ್ಳಬೇಕು. ಸರ್ಕಾರ ವಾಲ್ಮೀಕಿ ಜಯಂತಿ ಆಚರಣೆ ಮಾಡುವ ಮೂಲಕ ಎಲ್ಲ ಸಮುದಾಯಗಳಿಗೆ ಸಂದೇಶ ನೀಡುತ್ತಿದೆ ಎಂದರು. ಉಪನ್ಯಾಸಕ ವಿಶ್ವನಾಥ್ ಮಾತನಾಡಿ, ರಾಮಾಯಣದ ಪಾತ್ರಗಳು ಇಂದಿಗೂ ಪ್ರಸ್ತುತವಾಗಿವೆ.
ಇದನ್ನು ಜನರಿಗೆ ಅರ್ಥವಾಗುವಂತೆ 7 ಅಧ್ಯಾಯದಲ್ಲಿ ರಚಿಸಲಾಗಿದೆ. ಕಾರ್ಯಕ್ರಮದಲ್ಲಿ ತಾ.ಪಂ. ಇಒ, ಬಿಇಒ, ಸಮಾಜ ಕಲ್ಯಾಣ ಇಲಾಖೆ ಸಹಾಯಕ ನಿರ್ದೇಶಕರು, ವಾಲ್ಮೀಕಿ ಸಮಾಜದ ಅಧ್ಯಕ್ಷರು, ಪದಾಧಿಕಾರಿಗಳು, ಸರ್ಕಾರಿ ಅಧಿಕಾರಿಗಳು ಹಾಗೂ ಸಾರ್ವಜನಿಕರು ಉಪಸ್ಥಿತರಿದ್ದರು.
